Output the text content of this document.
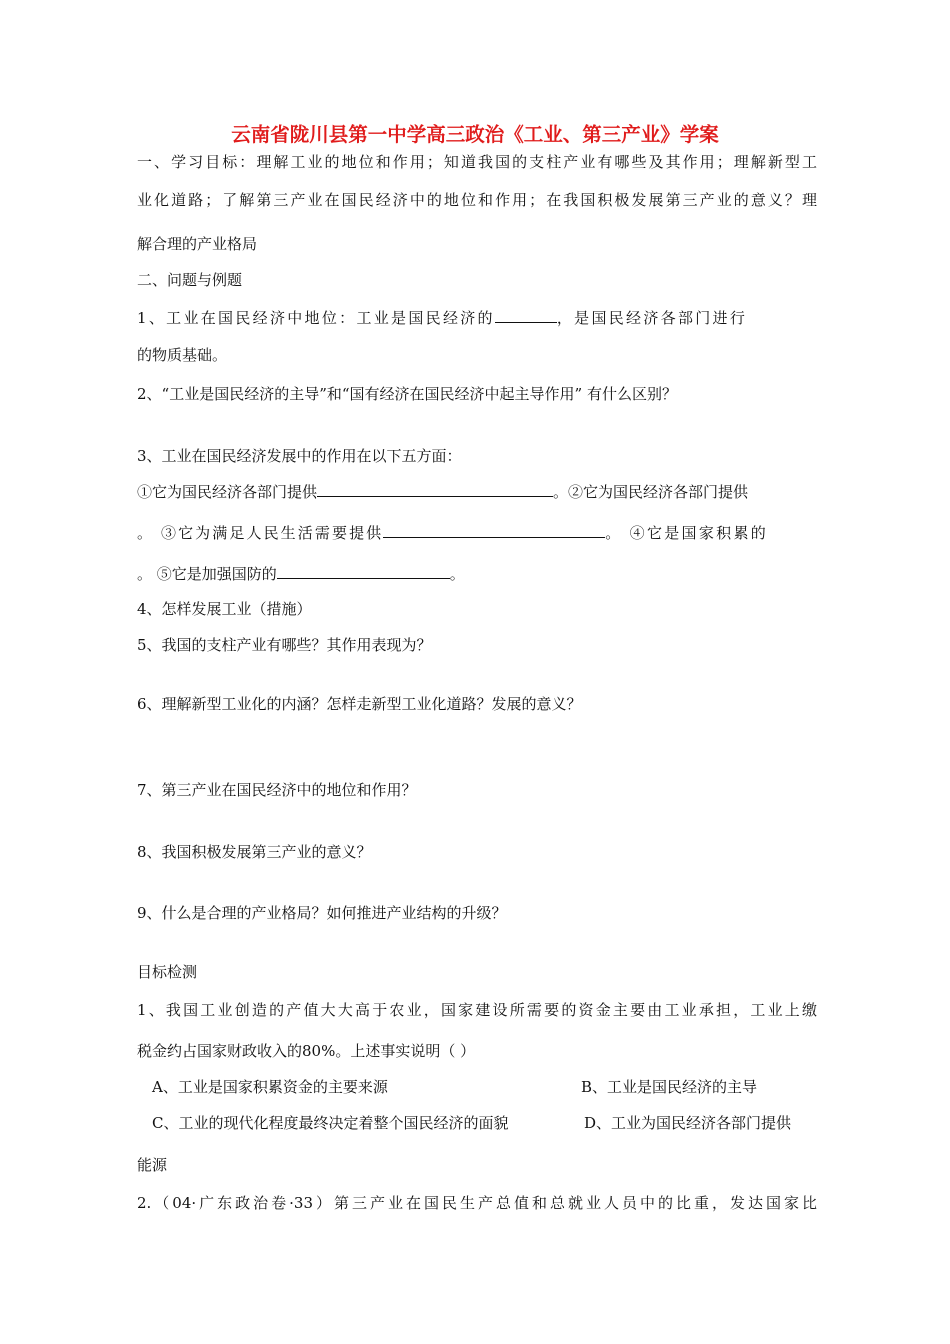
云南省陇川县第一中学高三政治《工业、第三产业》学案
一、学习目标：理解工业的地位和作用；知道我国的支柱产业有哪些及其作用；理解新型工
业化道路；了解第三产业在国民经济中的地位和作用；在我国积极发展第三产业的意义？理
解合理的产业格局
二、问题与例题
1、工业在国民经济中地位：工业是国民经济的	，是国民经济各部门进行
的物质基础。
2、“工业是国民经济的主导”和“国有经济在国民经济中起主导作用” 有什么区别？
3、工业在国民经济发展中的作用在以下五方面：
①它为国民经济各部门提供	。②它为国民经济各部门提供
。 ③它为满足人民生活需要提供	。 ④它是国家积累的
。 ⑤它是加强国防的	。
4、怎样发展工业（措施）
5、我国的支柱产业有哪些？其作用表现为？
6、理解新型工业化的内涵？怎样走新型工业化道路？发展的意义？
7、第三产业在国民经济中的地位和作用？
8、我国积极发展第三产业的意义？
9、什么是合理的产业格局？如何推进产业结构的升级？
目标检测
1、我国工业创造的产值大大高于农业，国家建设所需要的资金主要由工业承担，工业上缴
税金约占国家财政收入的80%。上述事实说明（ ）
A、工业是国家积累资金的主要来源	B、工业是国民经济的主导
C、工业的现代化程度最终决定着整个国民经济的面貌	D、工业为国民经济各部门提供
能源
2.（04·广东政治卷·33）第三产业在国民生产总值和总就业人员中的比重，发达国家比
